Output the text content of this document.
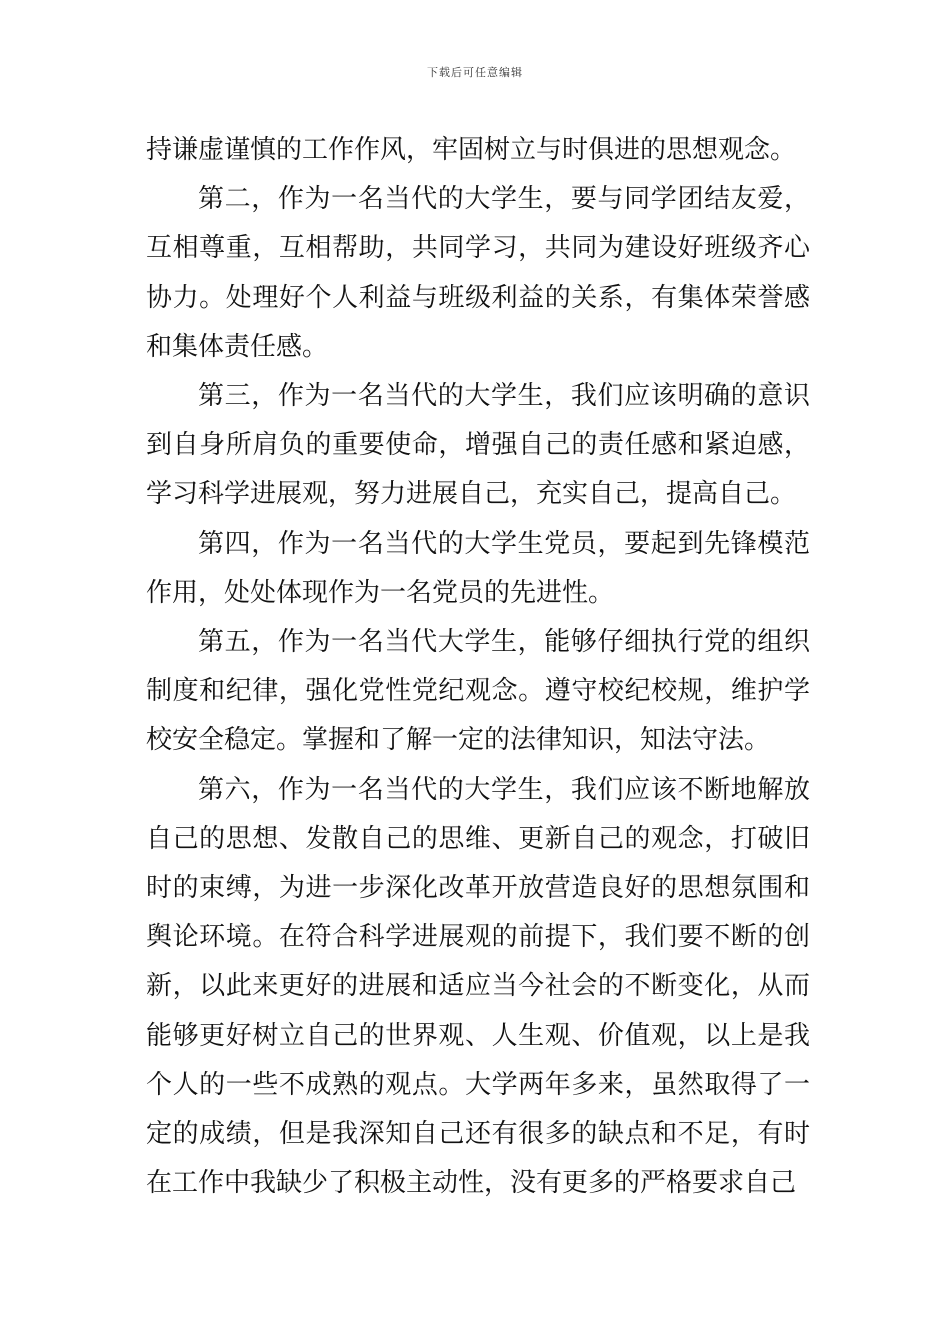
下载后可任意编辑

持谦虚谨慎的工作作风，牢固树立与时俱进的思想观念。

第二，作为一名当代的大学生，要与同学团结友爱，互相尊重，互相帮助，共同学习，共同为建设好班级齐心协力。处理好个人利益与班级利益的关系，有集体荣誉感和集体责任感。

第三，作为一名当代的大学生，我们应该明确的意识到自身所肩负的重要使命，增强自己的责任感和紧迫感，学习科学进展观，努力进展自己，充实自己，提高自己。

第四，作为一名当代的大学生党员，要起到先锋模范作用，处处体现作为一名党员的先进性。

第五，作为一名当代大学生，能够仔细执行党的组织制度和纪律，强化党性党纪观念。遵守校纪校规，维护学校安全稳定。掌握和了解一定的法律知识，知法守法。

第六，作为一名当代的大学生，我们应该不断地解放自己的思想、发散自己的思维、更新自己的观念，打破旧时的束缚，为进一步深化改革开放营造良好的思想氛围和舆论环境。在符合科学进展观的前提下，我们要不断的创新，以此来更好的进展和适应当今社会的不断变化，从而能够更好树立自己的世界观、人生观、价值观，以上是我个人的一些不成熟的观点。大学两年多来，虽然取得了一定的成绩，但是我深知自己还有很多的缺点和不足，有时在工作中我缺少了积极主动性，没有更多的严格要求自己
